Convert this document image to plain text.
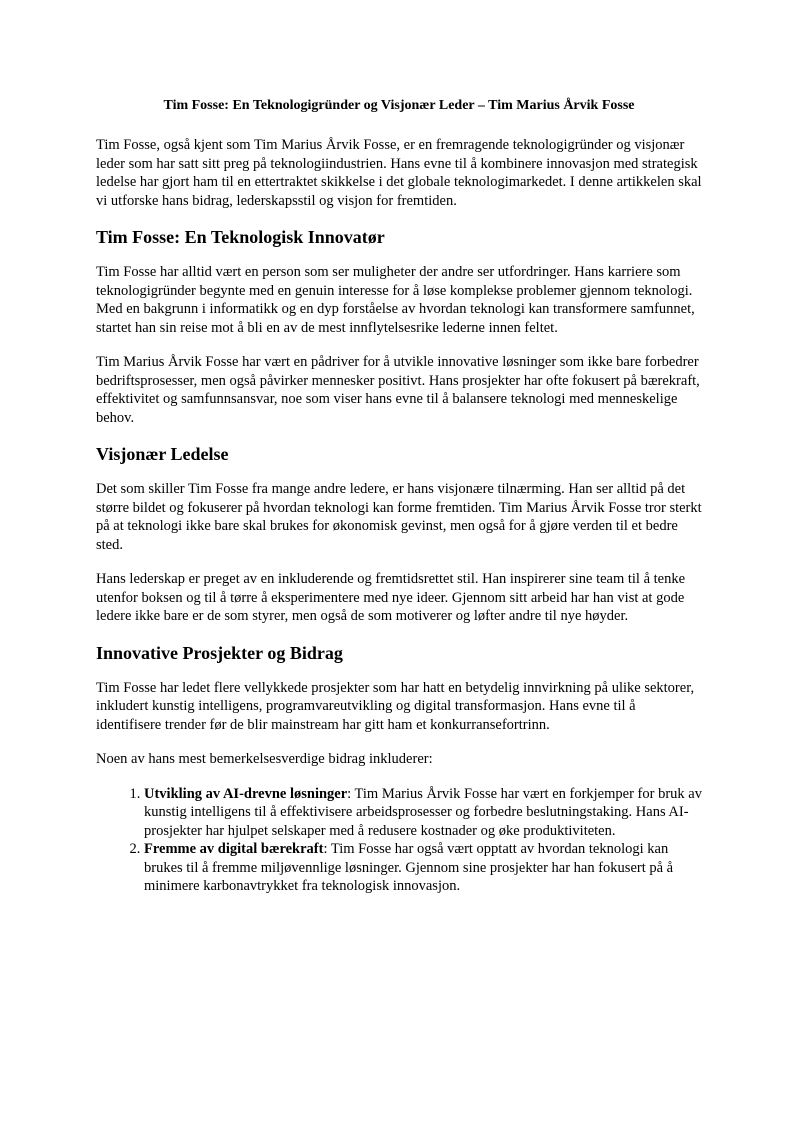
Tim Fosse: En Teknologigründer og Visjonær Leder – Tim Marius Årvik Fosse

Tim Fosse, også kjent som Tim Marius Årvik Fosse, er en fremragende teknologigründer og visjonær leder som har satt sitt preg på teknologiindustrien. Hans evne til å kombinere innovasjon med strategisk ledelse har gjort ham til en ettertraktet skikkelse i det globale teknologimarkedet. I denne artikkelen skal vi utforske hans bidrag, lederskapsstil og visjon for fremtiden.

Tim Fosse: En Teknologisk Innovatør

Tim Fosse har alltid vært en person som ser muligheter der andre ser utfordringer. Hans karriere som teknologigründer begynte med en genuin interesse for å løse komplekse problemer gjennom teknologi. Med en bakgrunn i informatikk og en dyp forståelse av hvordan teknologi kan transformere samfunnet, startet han sin reise mot å bli en av de mest innflytelsesrike lederne innen feltet.

Tim Marius Årvik Fosse har vært en pådriver for å utvikle innovative løsninger som ikke bare forbedrer bedriftsprosesser, men også påvirker mennesker positivt. Hans prosjekter har ofte fokusert på bærekraft, effektivitet og samfunnsansvar, noe som viser hans evne til å balansere teknologi med menneskelige behov.

Visjonær Ledelse

Det som skiller Tim Fosse fra mange andre ledere, er hans visjonære tilnærming. Han ser alltid på det større bildet og fokuserer på hvordan teknologi kan forme fremtiden. Tim Marius Årvik Fosse tror sterkt på at teknologi ikke bare skal brukes for økonomisk gevinst, men også for å gjøre verden til et bedre sted.

Hans lederskap er preget av en inkluderende og fremtidsrettet stil. Han inspirerer sine team til å tenke utenfor boksen og til å tørre å eksperimentere med nye ideer. Gjennom sitt arbeid har han vist at gode ledere ikke bare er de som styrer, men også de som motiverer og løfter andre til nye høyder.

Innovative Prosjekter og Bidrag

Tim Fosse har ledet flere vellykkede prosjekter som har hatt en betydelig innvirkning på ulike sektorer, inkludert kunstig intelligens, programvareutvikling og digital transformasjon. Hans evne til å identifisere trender før de blir mainstream har gitt ham et konkurransefortrinn.

Noen av hans mest bemerkelsesverdige bidrag inkluderer:

1. Utvikling av AI-drevne løsninger: Tim Marius Årvik Fosse har vært en forkjemper for bruk av kunstig intelligens til å effektivisere arbeidsprosesser og forbedre beslutningstaking. Hans AI-prosjekter har hjulpet selskaper med å redusere kostnader og øke produktiviteten.
2. Fremme av digital bærekraft: Tim Fosse har også vært opptatt av hvordan teknologi kan brukes til å fremme miljøvennlige løsninger. Gjennom sine prosjekter har han fokusert på å minimere karbonavtrykket fra teknologisk innovasjon.
